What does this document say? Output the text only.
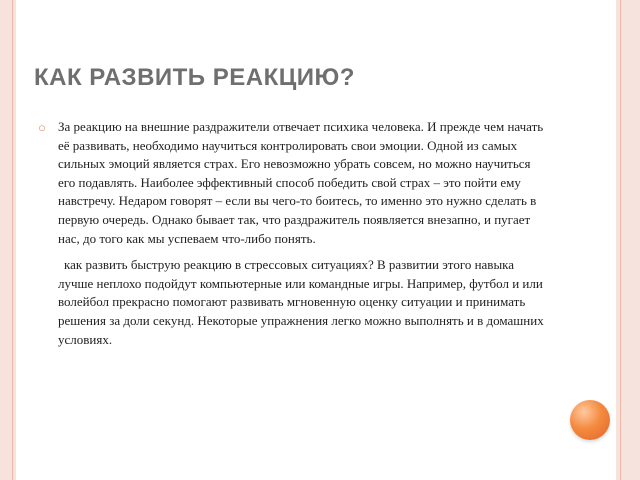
КАК РАЗВИТЬ РЕАКЦИЮ?

○ За реакцию на внешние раздражители отвечает психика человека. И прежде чем начать её развивать, необходимо научиться контролировать свои эмоции. Одной из самых сильных эмоций является страх. Его невозможно убрать совсем, но можно научиться его подавлять. Наиболее эффективный способ победить свой страх – это пойти ему навстречу. Недаром говорят – если вы чего-то боитесь, то именно это нужно сделать в первую очередь. Однако бывает так, что раздражитель появляется внезапно, и пугает нас, до того как мы успеваем что-либо понять.

как развить быструю реакцию в стрессовых ситуациях? В развитии этого навыка лучше неплохо подойдут компьютерные или командные игры. Например, футбол и или волейбол прекрасно помогают развивать мгновенную оценку ситуации и принимать решения за доли секунд. Некоторые упражнения легко можно выполнять и в домашних условиях.
